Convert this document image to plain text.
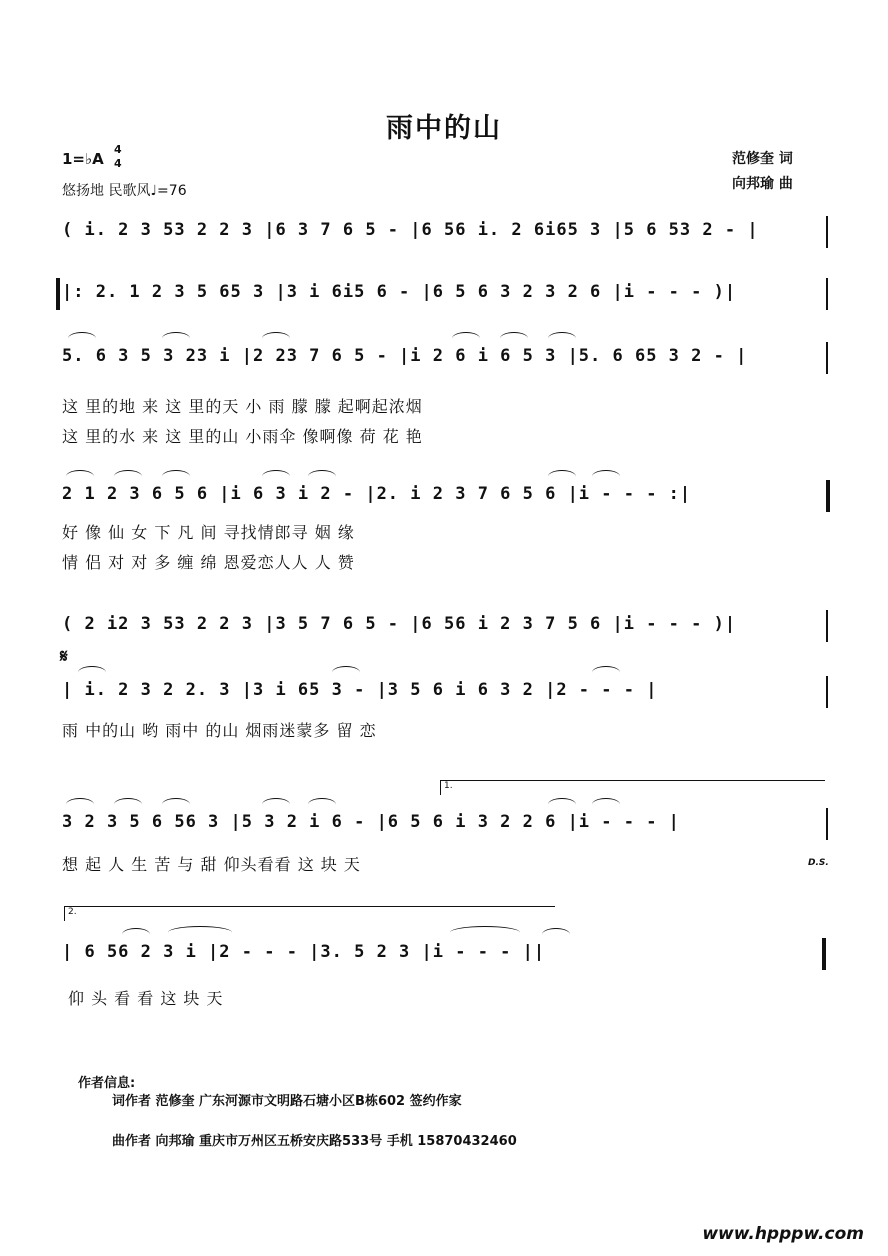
雨中的山
1=♭A
4
4
悠扬地 民歌风♩=76
范修奎 词
向邦瑜 曲
( i. 2 3 53 2 2 3 |6 3 7 6 5 - |6 56 i. 2 6i65 3 |5 6 53 2 - |
|: 2. 1 2 3 5 65 3 |3 i 6i5 6 - |6 5 6 3 2 3 2 6 |i - - - )|
5. 6 3 5 3 23 i |2 23 7 6 5 - |i 2 6 i 6 5 3 |5. 6 65 3 2 - |
这 里的地 来 这 里的天 小 雨 朦 朦 起啊起浓烟
这 里的水 来 这 里的山 小雨伞 像啊像 荷 花 艳
2 1 2 3 6 5 6 |i 6 3 i 2 - |2. i 2 3 7 6 5 6 |i - - - :|
好 像 仙 女 下 凡 间 寻找情郎寻 姻 缘
情 侣 对 对 多 缠 绵 恩爱恋人人 人 赞
( 2 i2 3 53 2 2 3 |3 5 7 6 5 - |6 56 i 2 3 7 5 6 |i - - - )|
𝄋
| i. 2 3 2 2. 3 |3 i 65 3 - |3 5 6 i 6 3 2 |2 - - - |
雨 中的山 哟 雨中 的山 烟雨迷蒙多 留 恋
1.
3 2 3 5 6 56 3 |5 3 2 i 6 - |6 5 6 i 3 2 2 6 |i - - - |
想 起 人 生 苦 与 甜 仰头看看 这 块 天	D.S.
2.
| 6 56 2 3 i |2 - - - |3. 5 2 3 |i - - - ||
仰 头 看 看 这 块 天
作者信息:
词作者 范修奎 广东河源市文明路石塘小区B栋602 签约作家
曲作者 向邦瑜 重庆市万州区五桥安庆路533号 手机 15870432460
www.hpppw.com
